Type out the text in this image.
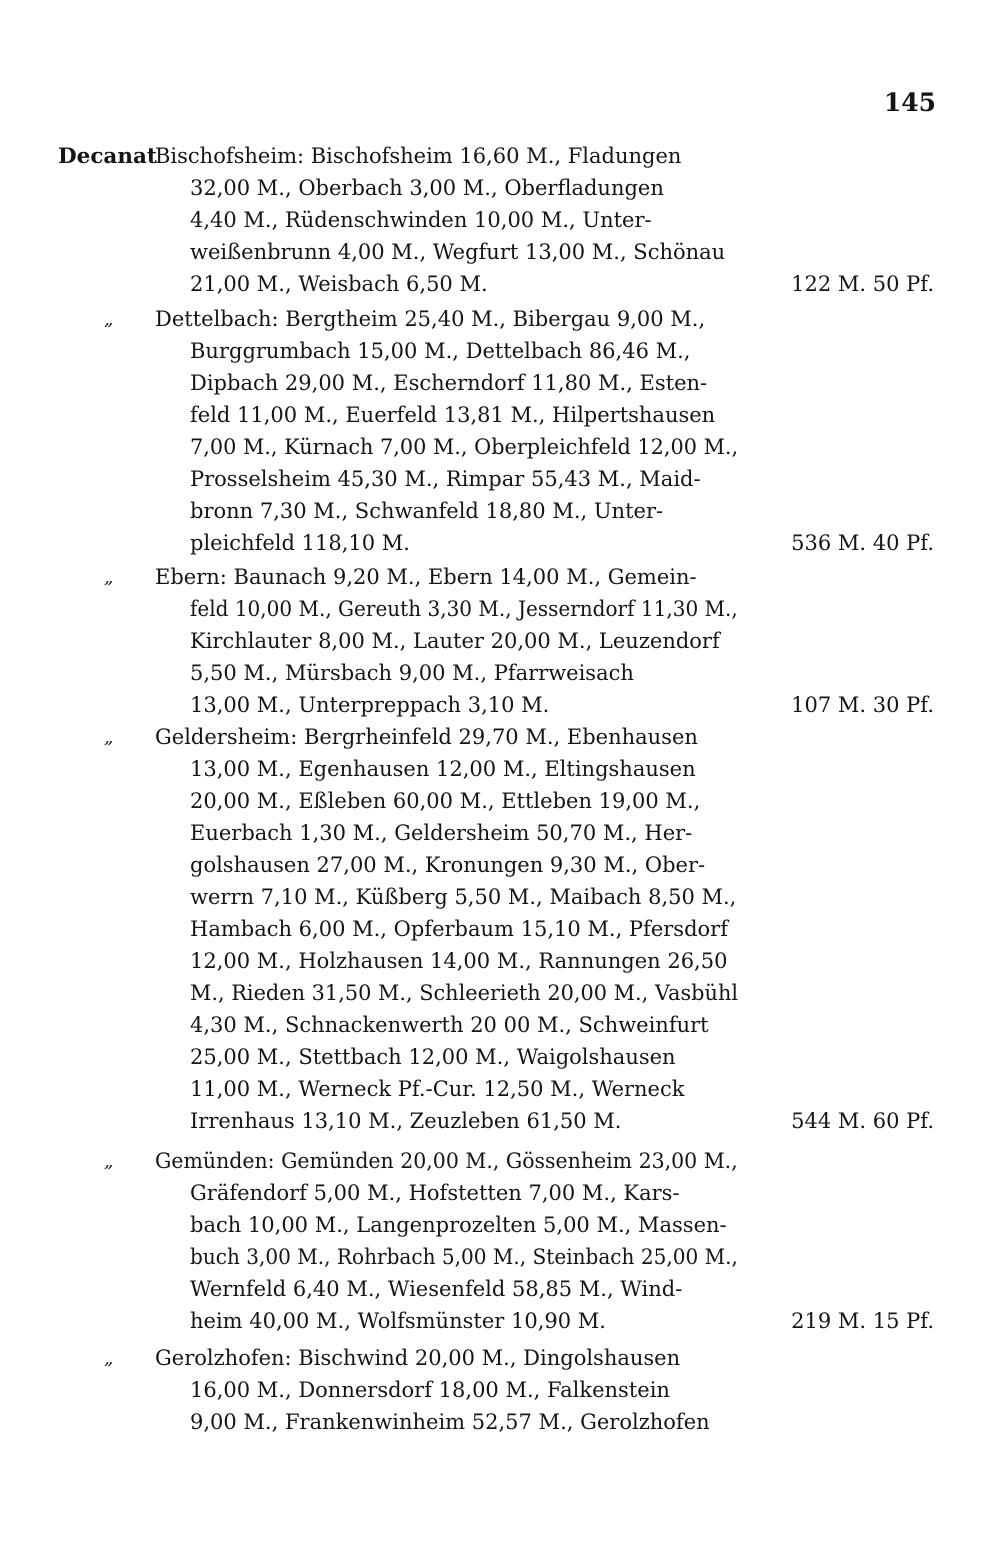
145
Decanat
Bischofsheim: Bischofsheim 16,60 M., Fladungen
32,00 M., Oberbach 3,00 M., Oberfladungen
4,40 M., Rüdenschwinden 10,00 M., Unter-
weißenbrunn 4,00 M., Wegfurt 13,00 M., Schönau
21,00 M., Weisbach 6,50 M.	122 M. 50 Pf.
„ Dettelbach: Bergtheim 25,40 M., Bibergau 9,00 M.,
Burggrumbach 15,00 M., Dettelbach 86,46 M.,
Dipbach 29,00 M., Escherndorf 11,80 M., Esten-
feld 11,00 M., Euerfeld 13,81 M., Hilpertshausen
7,00 M., Kürnach 7,00 M., Oberpleichfeld 12,00 M.,
Prosselsheim 45,30 M., Rimpar 55,43 M., Maid-
bronn 7,30 M., Schwanfeld 18,80 M., Unter-
pleichfeld 118,10 M.	536 M. 40 Pf.
„ Ebern: Baunach 9,20 M., Ebern 14,00 M., Gemein-
feld 10,00 M., Gereuth 3,30 M., Jesserndorf 11,30 M.,
Kirchlauter 8,00 M., Lauter 20,00 M., Leuzendorf
5,50 M., Mürsbach 9,00 M., Pfarrweisach
13,00 M., Unterpreppach 3,10 M.	107 M. 30 Pf.
„ Geldersheim: Bergrheinfeld 29,70 M., Ebenhausen
13,00 M., Egenhausen 12,00 M., Eltingshausen
20,00 M., Eßleben 60,00 M., Ettleben 19,00 M.,
Euerbach 1,30 M., Geldersheim 50,70 M., Her-
golshausen 27,00 M., Kronungen 9,30 M., Ober-
werrn 7,10 M., Küßberg 5,50 M., Maibach 8,50 M.,
Hambach 6,00 M., Opferbaum 15,10 M., Pfersdorf
12,00 M., Holzhausen 14,00 M., Rannungen 26,50
M., Rieden 31,50 M., Schleerieth 20,00 M., Vasbühl
4,30 M., Schnackenwerth 20 00 M., Schweinfurt
25,00 M., Stettbach 12,00 M., Waigolshausen
11,00 M., Werneck Pf.-Cur. 12,50 M., Werneck
Irrenhaus 13,10 M., Zeuzleben 61,50 M.	544 M. 60 Pf.
„ Gemünden: Gemünden 20,00 M., Gössenheim 23,00 M.,
Gräfendorf 5,00 M., Hofstetten 7,00 M., Kars-
bach 10,00 M., Langenprozelten 5,00 M., Massen-
buch 3,00 M., Rohrbach 5,00 M., Steinbach 25,00 M.,
Wernfeld 6,40 M., Wiesenfeld 58,85 M., Wind-
heim 40,00 M., Wolfsmünster 10,90 M.	219 M. 15 Pf.
„ Gerolzhofen: Bischwind 20,00 M., Dingolshausen
16,00 M., Donnersdorf 18,00 M., Falkenstein
9,00 M., Frankenwinheim 52,57 M., Gerolzhofen
